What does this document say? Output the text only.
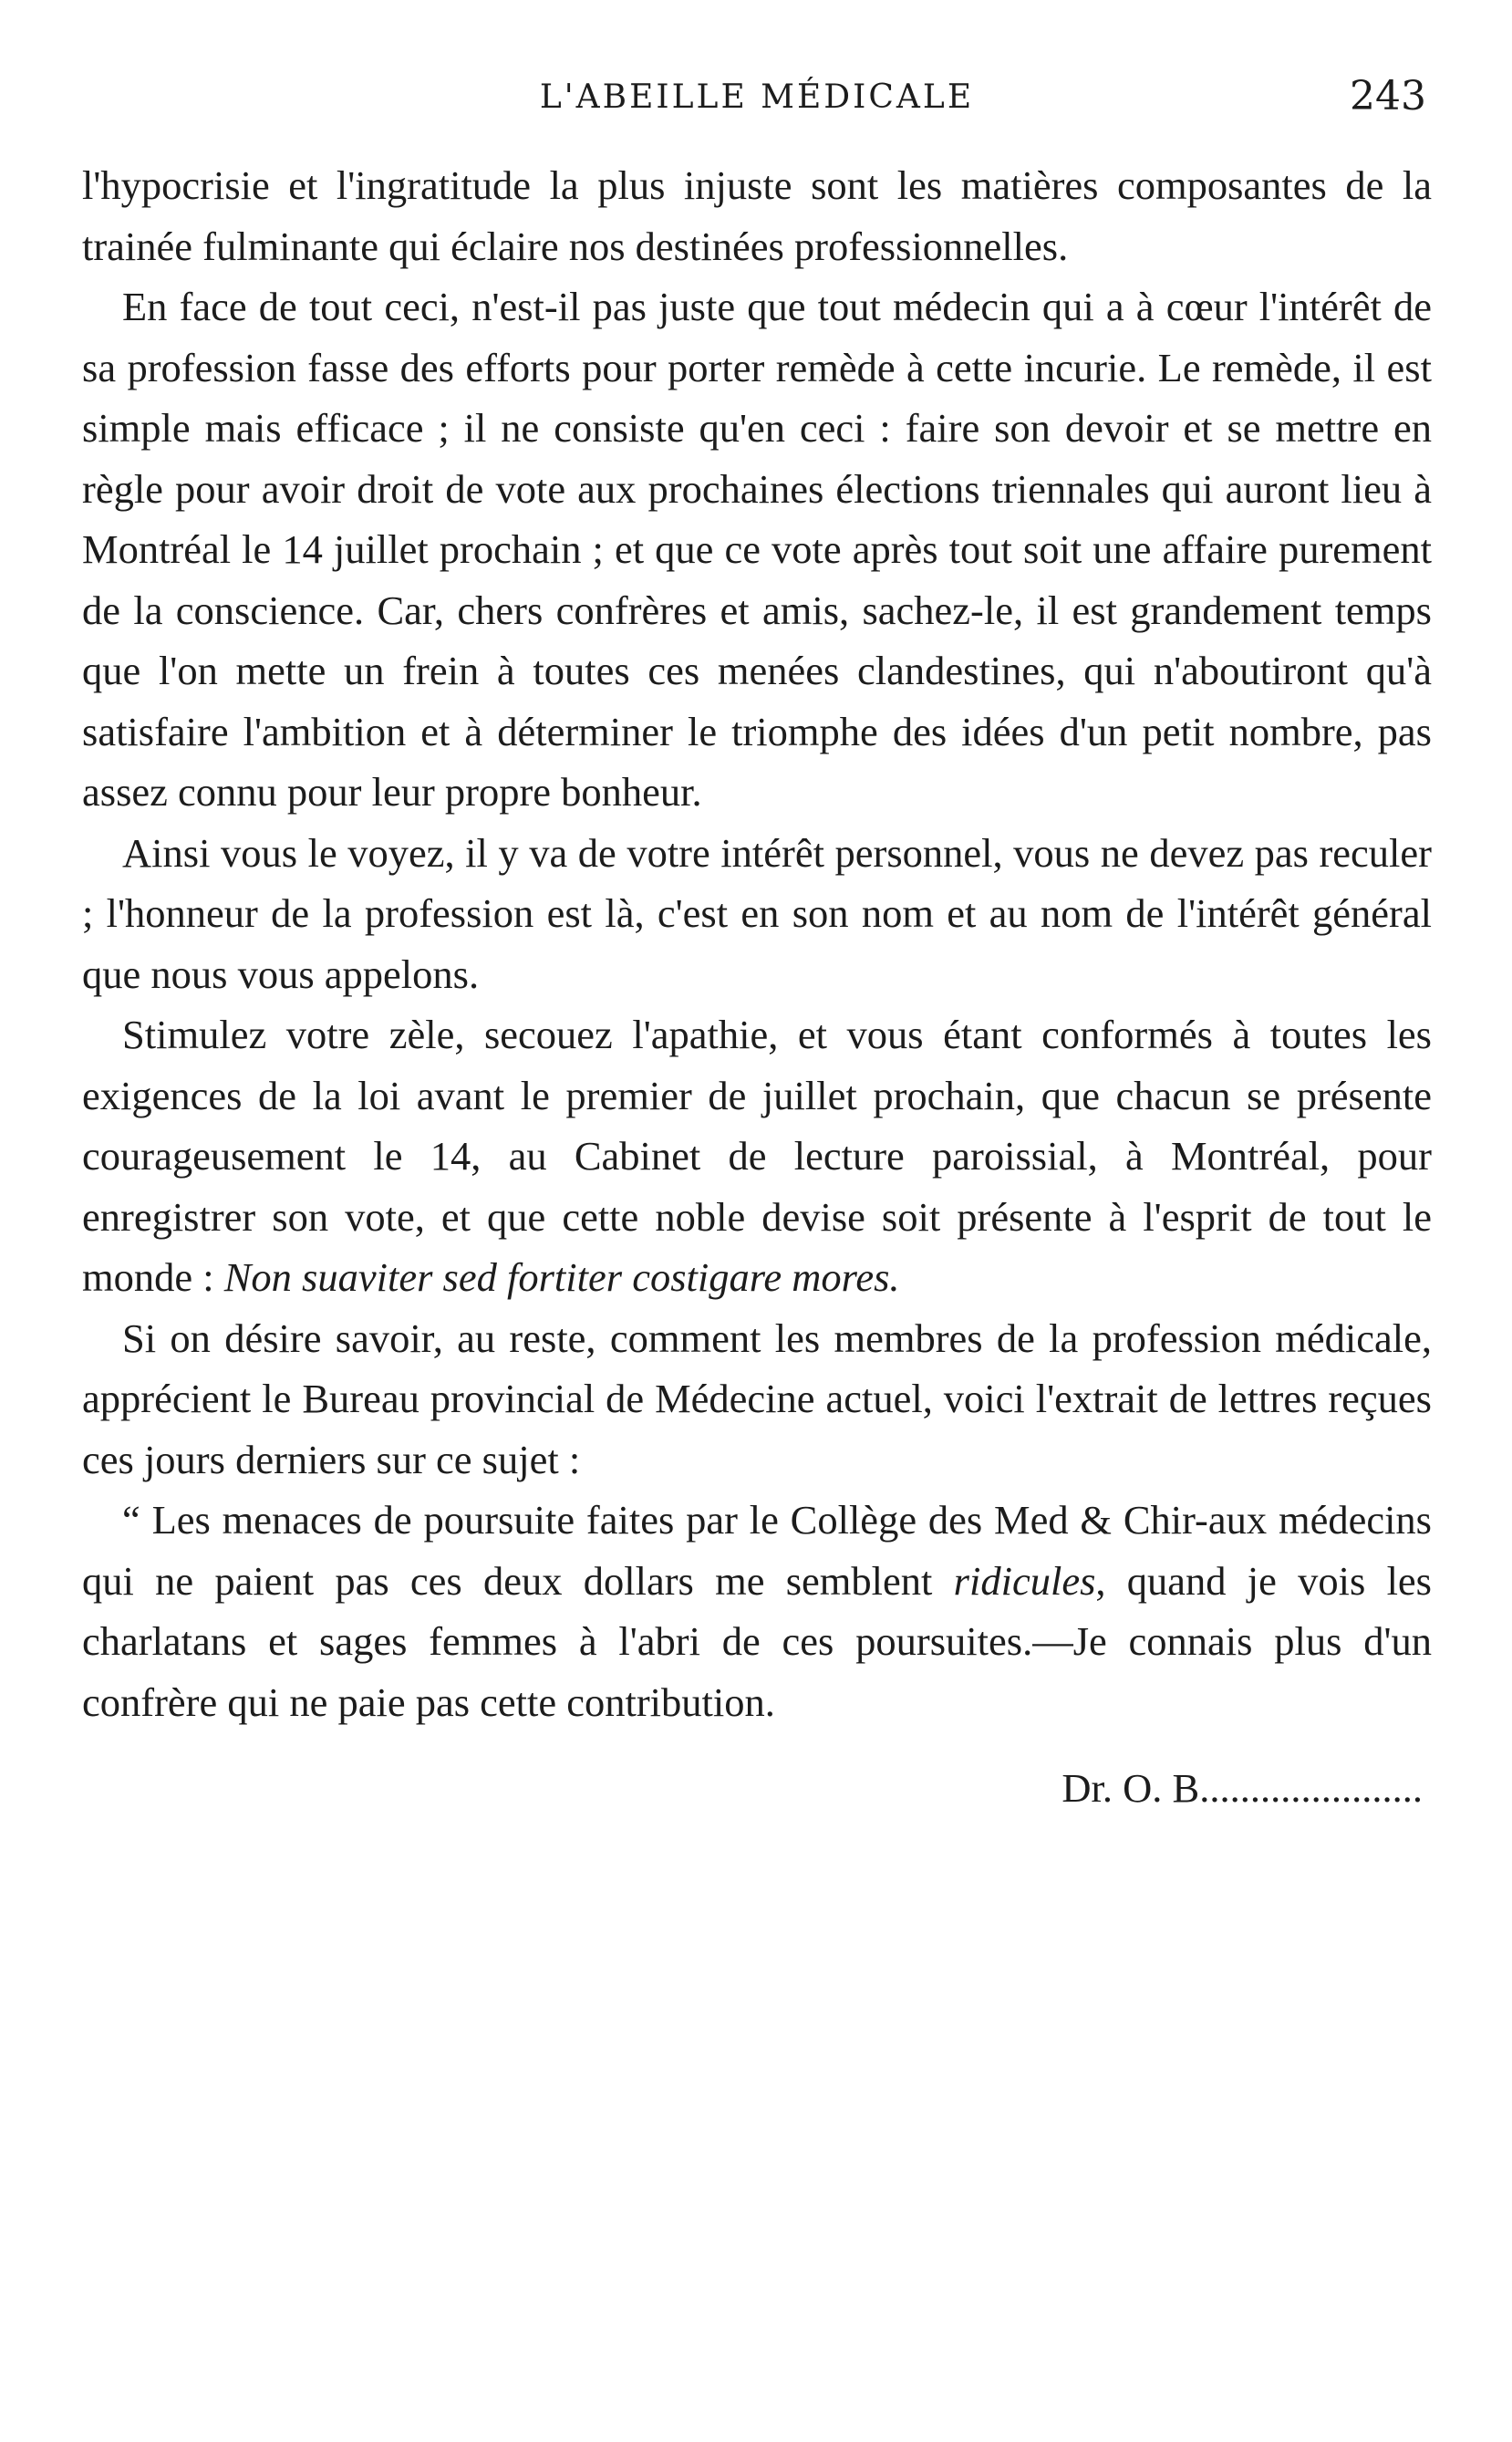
L'ABEILLE MÉDICALE	243

l'hypocrisie et l'ingratitude la plus injuste sont les matières composantes de la trainée fulminante qui éclaire nos destinées professionnelles.

En face de tout ceci, n'est-il pas juste que tout médecin qui a à cœur l'intérêt de sa profession fasse des efforts pour porter remède à cette incurie. Le remède, il est simple mais efficace ; il ne consiste qu'en ceci : faire son devoir et se mettre en règle pour avoir droit de vote aux prochaines élections triennales qui auront lieu à Montréal le 14 juillet prochain ; et que ce vote après tout soit une affaire purement de la conscience. Car, chers confrères et amis, sachez-le, il est grandement temps que l'on mette un frein à toutes ces menées clandestines, qui n'aboutiront qu'à satisfaire l'ambition et à déterminer le triomphe des idées d'un petit nombre, pas assez connu pour leur propre bonheur.

Ainsi vous le voyez, il y va de votre intérêt personnel, vous ne devez pas reculer ; l'honneur de la profession est là, c'est en son nom et au nom de l'intérêt général que nous vous appelons.

Stimulez votre zèle, secouez l'apathie, et vous étant conformés à toutes les exigences de la loi avant le premier de juillet prochain, que chacun se présente courageusement le 14, au Cabinet de lecture paroissial, à Montréal, pour enregistrer son vote, et que cette noble devise soit présente à l'esprit de tout le monde : Non suaviter sed fortiter costigare mores.

Si on désire savoir, au reste, comment les membres de la profession médicale, apprécient le Bureau provincial de Médecine actuel, voici l'extrait de lettres reçues ces jours derniers sur ce sujet :

“ Les menaces de poursuite faites par le Collège des Med & Chir-aux médecins qui ne paient pas ces deux dollars me semblent ridicules, quand je vois les charlatans et sages femmes à l'abri de ces poursuites.—Je connais plus d'un confrère qui ne paie pas cette contribution.

Dr. O. B......................
